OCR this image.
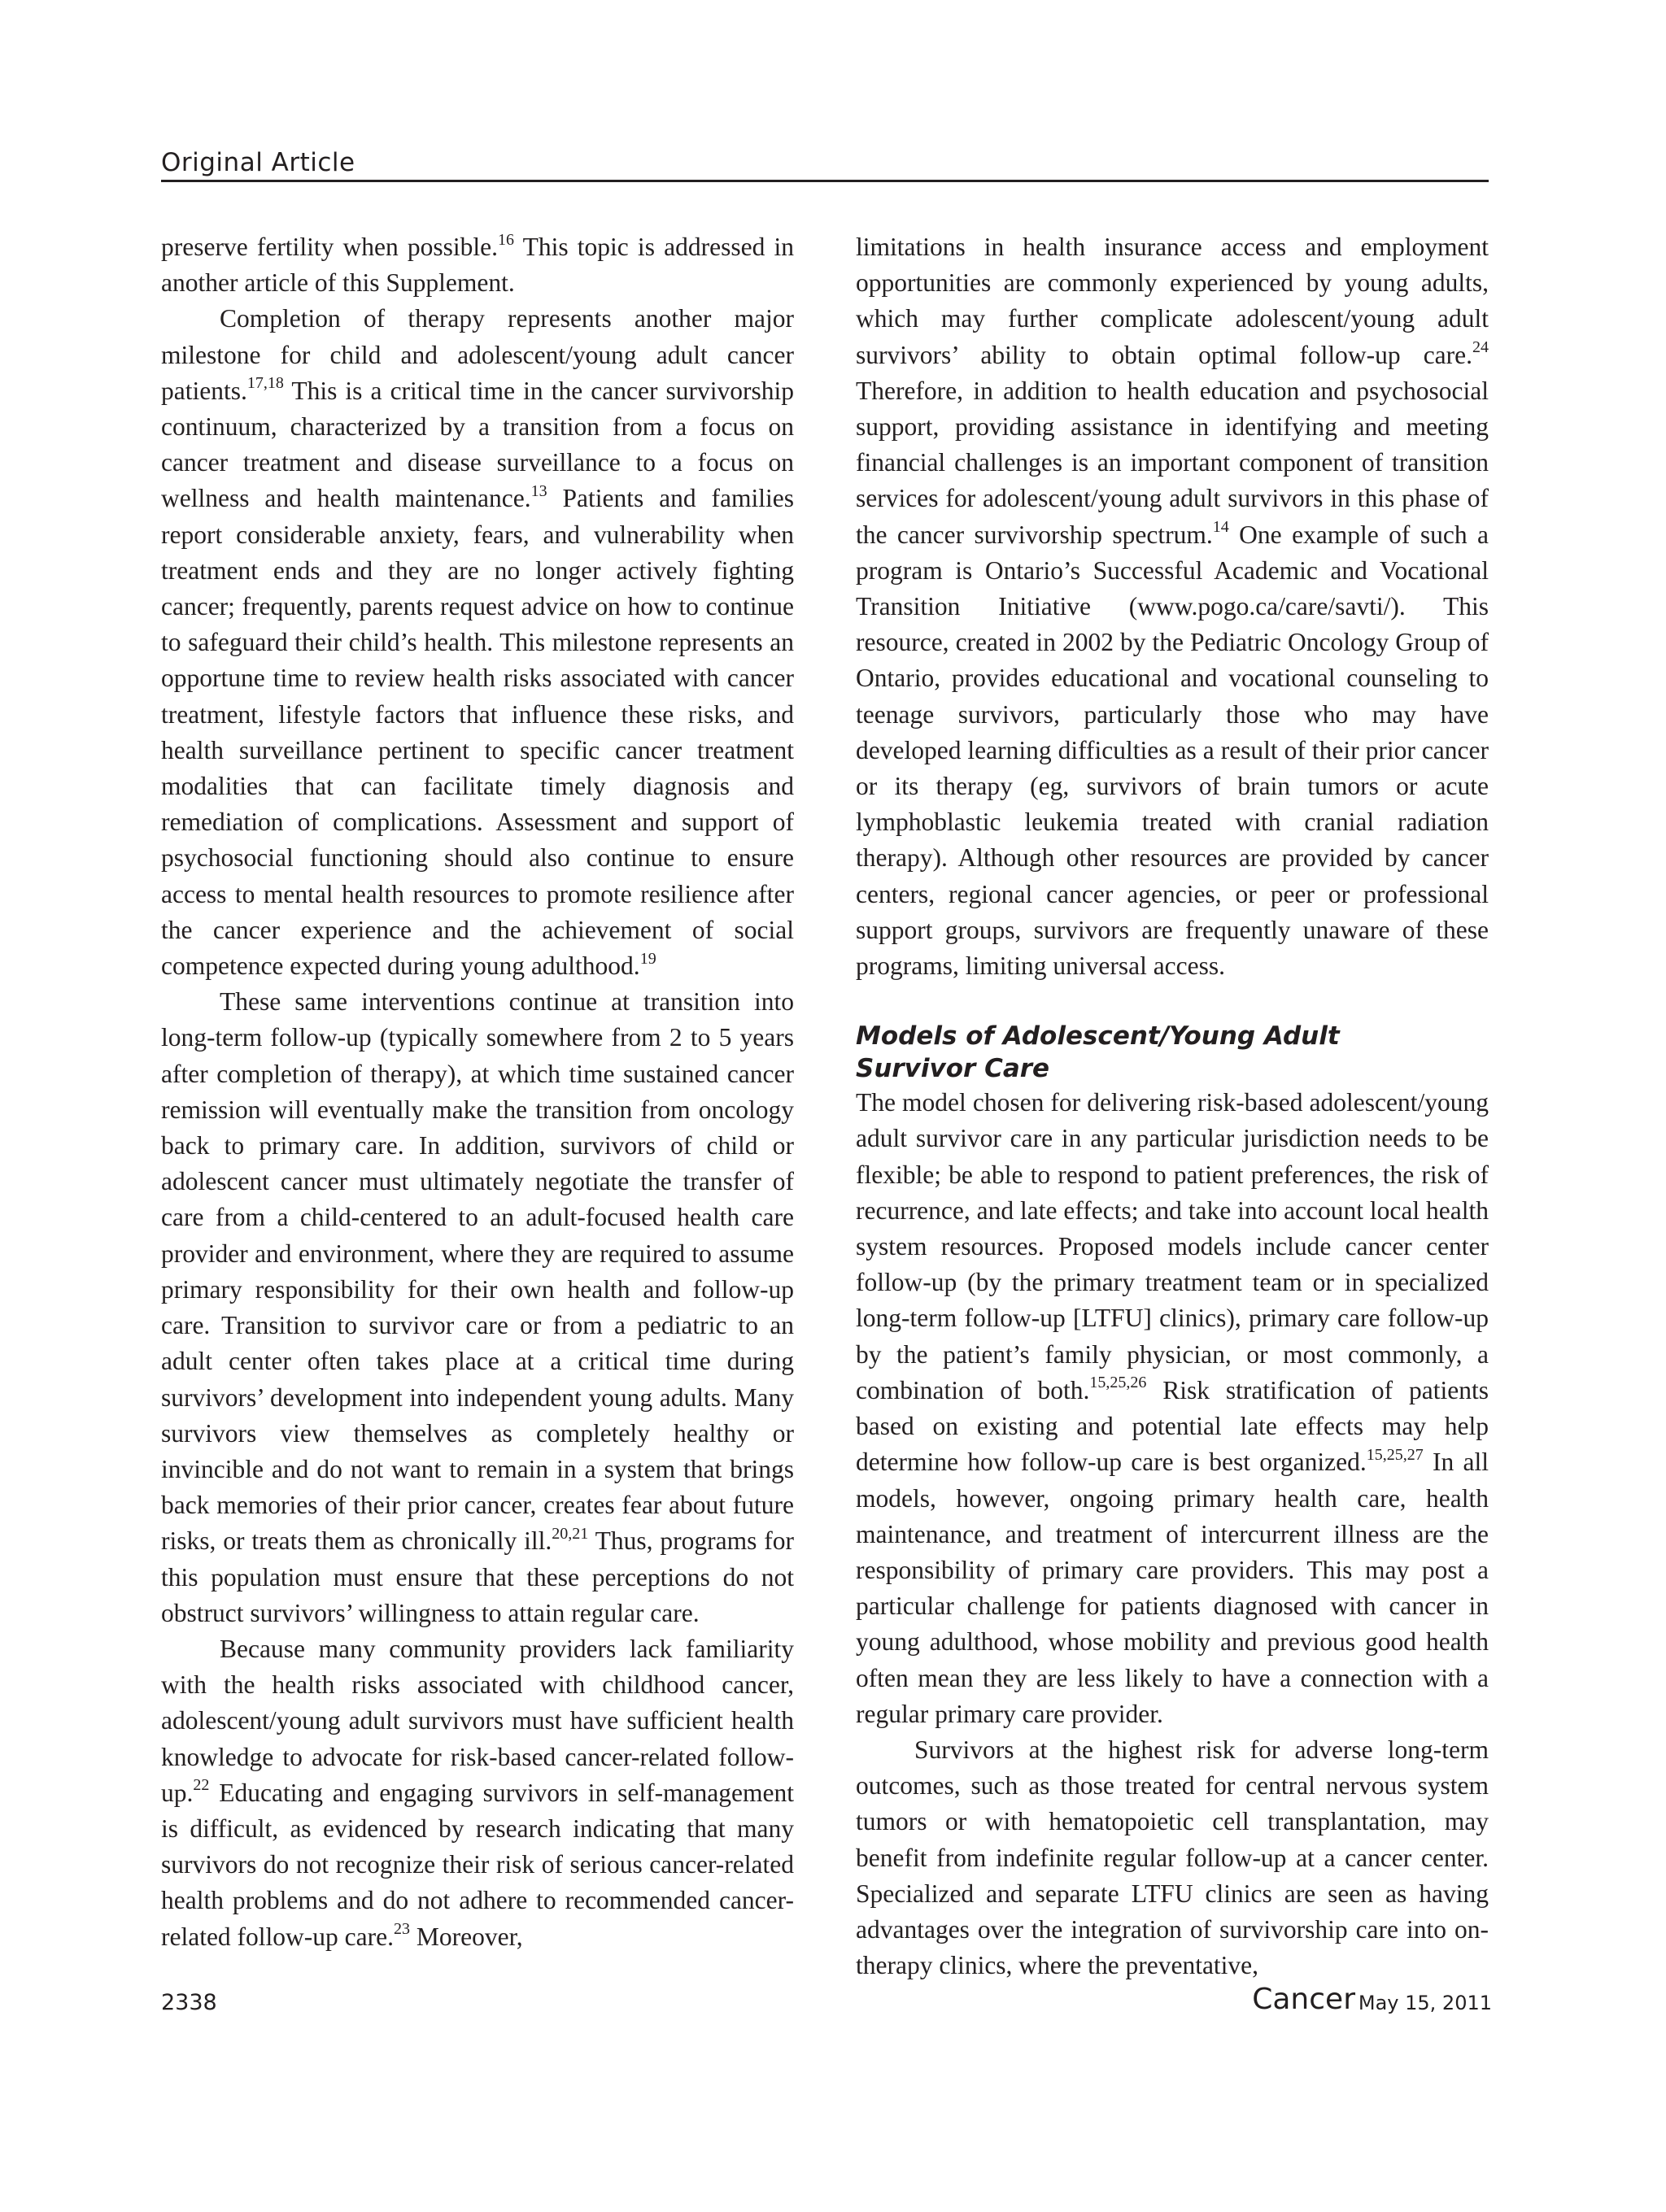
Original Article

preserve fertility when possible.$^{16}$ This topic is addressed in another article of this Supplement.

Completion of therapy represents another major milestone for child and adolescent/young adult cancer patients.$^{17,18}$ This is a critical time in the cancer survivorship continuum, characterized by a transition from a focus on cancer treatment and disease surveillance to a focus on wellness and health maintenance.$^{13}$ Patients and families report considerable anxiety, fears, and vulnerability when treatment ends and they are no longer actively fighting cancer; frequently, parents request advice on how to continue to safeguard their child’s health. This milestone represents an opportune time to review health risks associated with cancer treatment, lifestyle factors that influence these risks, and health surveillance pertinent to specific cancer treatment modalities that can facilitate timely diagnosis and remediation of complications. Assessment and support of psychosocial functioning should also continue to ensure access to mental health resources to promote resilience after the cancer experience and the achievement of social competence expected during young adulthood.$^{19}$

These same interventions continue at transition into long-term follow-up (typically somewhere from 2 to 5 years after completion of therapy), at which time sustained cancer remission will eventually make the transition from oncology back to primary care. In addition, survivors of child or adolescent cancer must ultimately negotiate the transfer of care from a child-centered to an adult-focused health care provider and environment, where they are required to assume primary responsibility for their own health and follow-up care. Transition to survivor care or from a pediatric to an adult center often takes place at a critical time during survivors’ development into independent young adults. Many survivors view themselves as completely healthy or invincible and do not want to remain in a system that brings back memories of their prior cancer, creates fear about future risks, or treats them as chronically ill.$^{20,21}$ Thus, programs for this population must ensure that these perceptions do not obstruct survivors’ willingness to attain regular care.

Because many community providers lack familiarity with the health risks associated with childhood cancer, adolescent/young adult survivors must have sufficient health knowledge to advocate for risk-based cancer-related follow-up.$^{22}$ Educating and engaging survivors in self-management is difficult, as evidenced by research indicating that many survivors do not recognize their risk of serious cancer-related health problems and do not adhere to recommended cancer-related follow-up care.$^{23}$ Moreover,

limitations in health insurance access and employment opportunities are commonly experienced by young adults, which may further complicate adolescent/young adult survivors’ ability to obtain optimal follow-up care.$^{24}$ Therefore, in addition to health education and psychosocial support, providing assistance in identifying and meeting financial challenges is an important component of transition services for adolescent/young adult survivors in this phase of the cancer survivorship spectrum.$^{14}$ One example of such a program is Ontario’s Successful Academic and Vocational Transition Initiative (www.pogo.ca/care/savti/). This resource, created in 2002 by the Pediatric Oncology Group of Ontario, provides educational and vocational counseling to teenage survivors, particularly those who may have developed learning difficulties as a result of their prior cancer or its therapy (eg, survivors of brain tumors or acute lymphoblastic leukemia treated with cranial radiation therapy). Although other resources are provided by cancer centers, regional cancer agencies, or peer or professional support groups, survivors are frequently unaware of these programs, limiting universal access.

Models of Adolescent/Young Adult
Survivor Care

The model chosen for delivering risk-based adolescent/young adult survivor care in any particular jurisdiction needs to be flexible; be able to respond to patient preferences, the risk of recurrence, and late effects; and take into account local health system resources. Proposed models include cancer center follow-up (by the primary treatment team or in specialized long-term follow-up [LTFU] clinics), primary care follow-up by the patient’s family physician, or most commonly, a combination of both.$^{15,25,26}$ Risk stratification of patients based on existing and potential late effects may help determine how follow-up care is best organized.$^{15,25,27}$ In all models, however, ongoing primary health care, health maintenance, and treatment of intercurrent illness are the responsibility of primary care providers. This may post a particular challenge for patients diagnosed with cancer in young adulthood, whose mobility and previous good health often mean they are less likely to have a connection with a regular primary care provider.

Survivors at the highest risk for adverse long-term outcomes, such as those treated for central nervous system tumors or with hematopoietic cell transplantation, may benefit from indefinite regular follow-up at a cancer center. Specialized and separate LTFU clinics are seen as having advantages over the integration of survivorship care into on-therapy clinics, where the preventative,

2338	Cancer May 15, 2011
